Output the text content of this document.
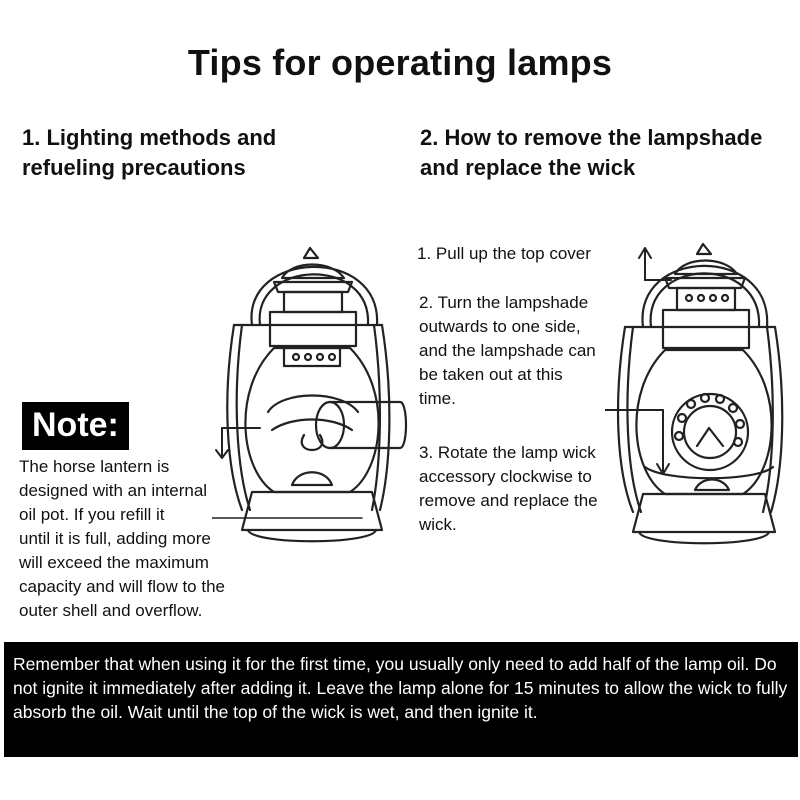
Tips for operating lamps
1. Lighting methods and
refueling precautions
2. How to remove the lampshade
and replace the wick
Note:
The horse lantern is
designed with an internal
oil pot. If you refill it
until it is full, adding more
will exceed the maximum
capacity and will flow to the
outer shell and overflow.
1. Pull up the top cover
2. Turn the lampshade
outwards to one side,
and the lampshade can
be taken out at this
time.
3. Rotate the lamp wick
accessory clockwise to
remove and replace the
wick.
Remember that when using it for the first time, you usually only need to add half of the lamp oil. Do not ignite it immediately after adding it. Leave the lamp alone for 15 minutes to allow the wick to fully absorb the oil. Wait until the top of the wick is wet, and then ignite it.
